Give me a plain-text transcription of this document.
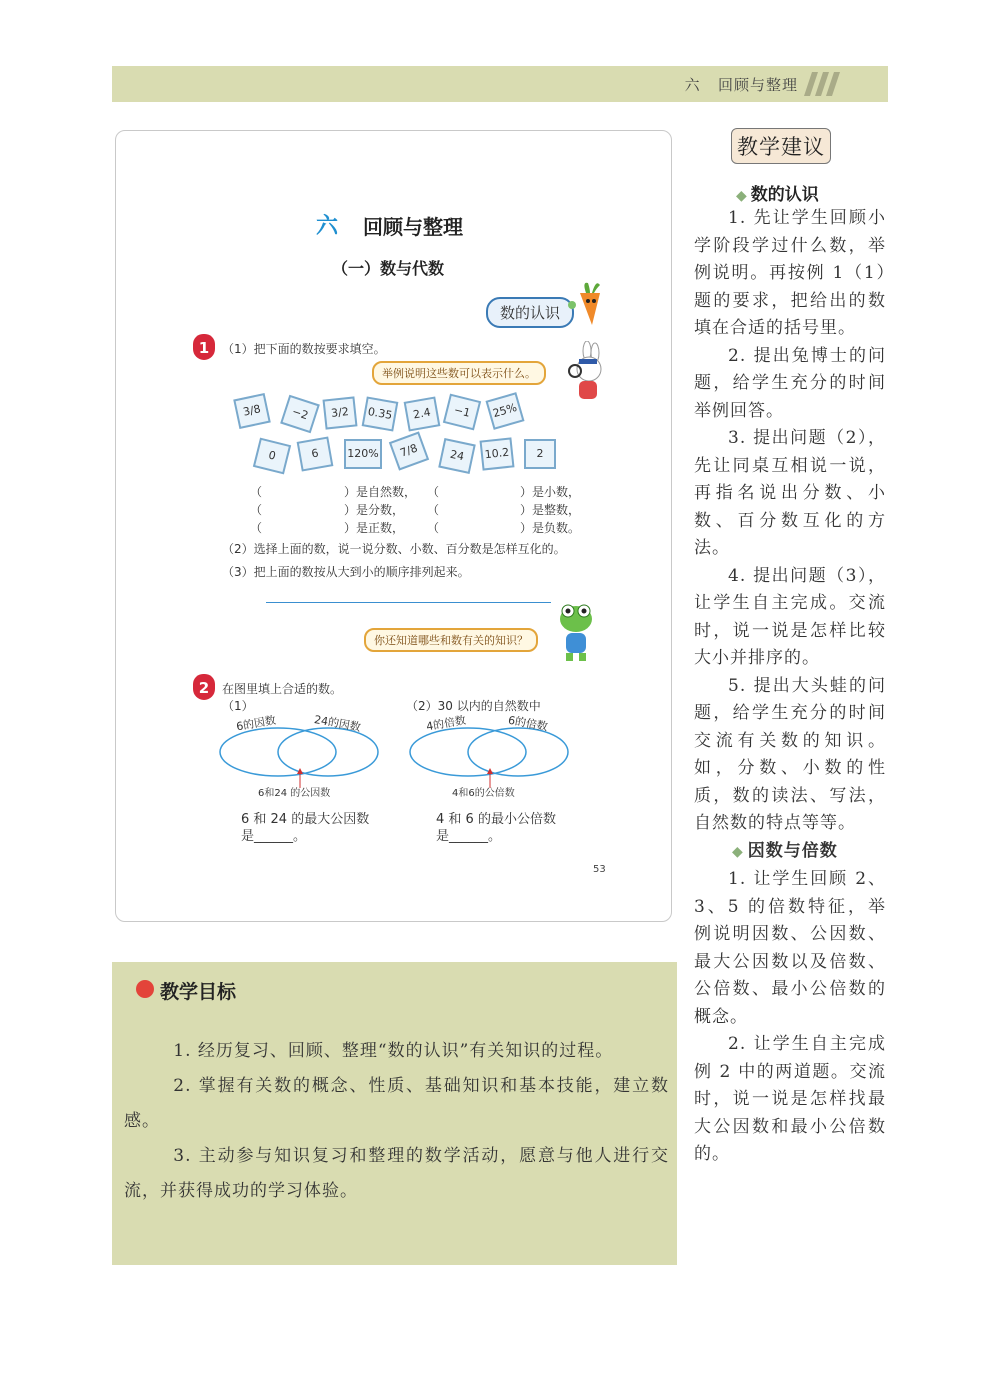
六 回顾与整理
六 回顾与整理
（一）数与代数
数的认识
1	（1）把下面的数按要求填空。
举例说明这些数可以表示什么。
3/8	−2	3/2	0.35	2.4	−1	25%
0	6	120%	7/8	24	10.2	2
（	）是自然数， （	）是小数，
（	）是分数， （	）是整数，
（	）是正数， （	）是负数。
（2）选择上面的数，说一说分数、小数、百分数是怎样互化的。
（3）把上面的数按从大到小的顺序排列起来。
你还知道哪些和数有关的知识？
2	在图里填上合适的数。
（1）	（2）30 以内的自然数中
6的因数	24的因数
6和24 的公因数
6 和 24 的最大公因数
是______。
4的倍数	6的倍数
4和6的公倍数
4 和 6 的最小公倍数
是______。
53
教学建议
◆ 数的认识

1. 先让学生回顾小学阶段学过什么数，举例说明。再按例 1（1）题的要求，把给出的数填在合适的括号里。

2. 提出兔博士的问题，给学生充分的时间举例回答。

3. 提出问题（2），先让同桌互相说一说，再指名说出分数、小数、百分数互化的方法。

4. 提出问题（3），让学生自主完成。交流时，说一说是怎样比较大小并排序的。

5. 提出大头蛙的问题，给学生充分的时间交流有关数的知识。如，分数、小数的性质，数的读法、写法，自然数的特点等等。

◆ 因数与倍数

1. 让学生回顾 2、3、5 的倍数特征，举例说明因数、公因数、最大公因数以及倍数、公倍数、最小公倍数的概念。

2. 让学生自主完成例 2 中的两道题。交流时，说一说是怎样找最大公因数和最小公倍数的。

教学目标

1. 经历复习、回顾、整理“数的认识”有关知识的过程。

2. 掌握有关数的概念、性质、基础知识和基本技能，建立数感。

3. 主动参与知识复习和整理的数学活动，愿意与他人进行交流，并获得成功的学习体验。
